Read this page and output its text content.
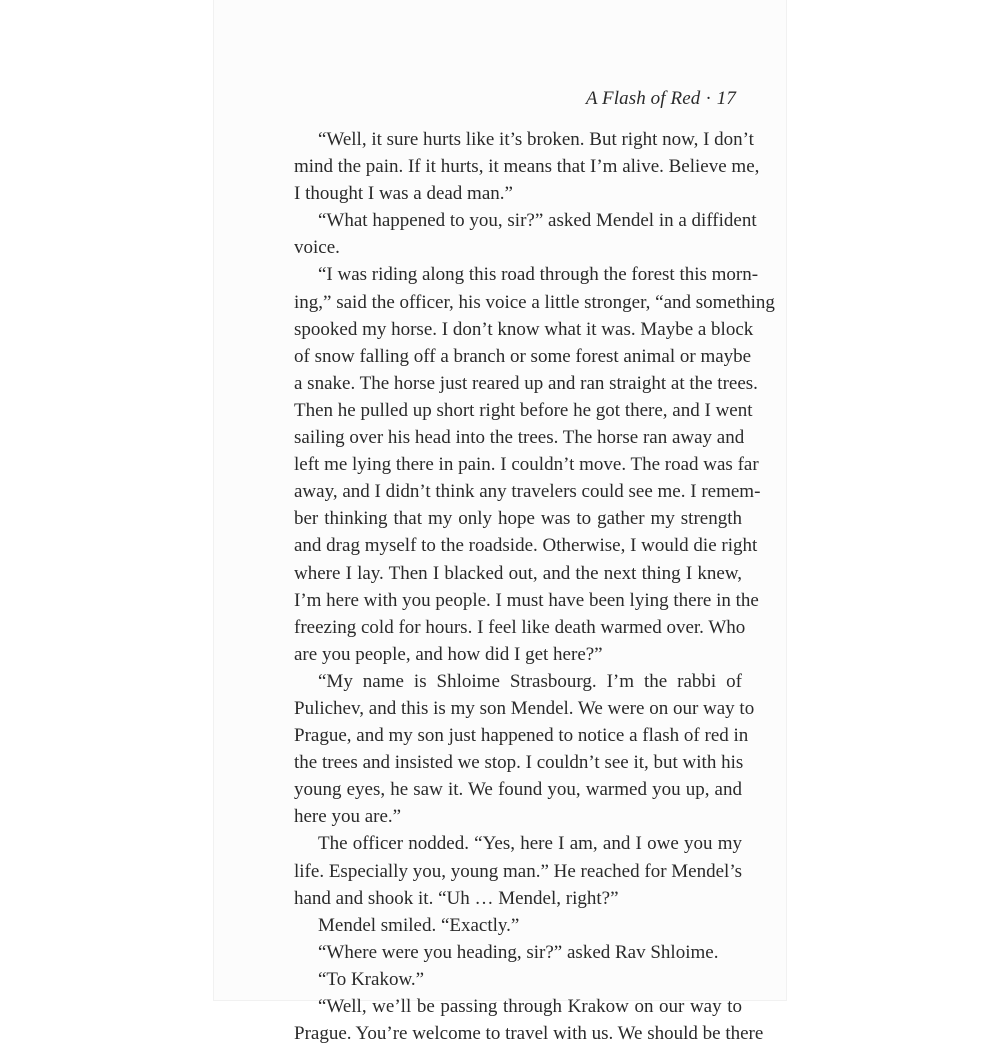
A Flash of Red · 17
“Well, it sure hurts like it’s broken. But right now, I don’t
mind the pain. If it hurts, it means that I’m alive. Believe me,
I thought I was a dead man.”
“What happened to you, sir?” asked Mendel in a diffident
voice.
“I was riding along this road through the forest this morn-
ing,” said the officer, his voice a little stronger, “and something
spooked my horse. I don’t know what it was. Maybe a block
of snow falling off a branch or some forest animal or maybe
a snake. The horse just reared up and ran straight at the trees.
Then he pulled up short right before he got there, and I went
sailing over his head into the trees. The horse ran away and
left me lying there in pain. I couldn’t move. The road was far
away, and I didn’t think any travelers could see me. I remem-
ber thinking that my only hope was to gather my strength
and drag myself to the roadside. Otherwise, I would die right
where I lay. Then I blacked out, and the next thing I knew,
I’m here with you people. I must have been lying there in the
freezing cold for hours. I feel like death warmed over. Who
are you people, and how did I get here?”
“My name is Shloime Strasbourg. I’m the rabbi of
Pulichev, and this is my son Mendel. We were on our way to
Prague, and my son just happened to notice a flash of red in
the trees and insisted we stop. I couldn’t see it, but with his
young eyes, he saw it. We found you, warmed you up, and
here you are.”
The officer nodded. “Yes, here I am, and I owe you my
life. Especially you, young man.” He reached for Mendel’s
hand and shook it. “Uh … Mendel, right?”
Mendel smiled. “Exactly.”
“Where were you heading, sir?” asked Rav Shloime.
“To Krakow.”
“Well, we’ll be passing through Krakow on our way to
Prague. You’re welcome to travel with us. We should be there
